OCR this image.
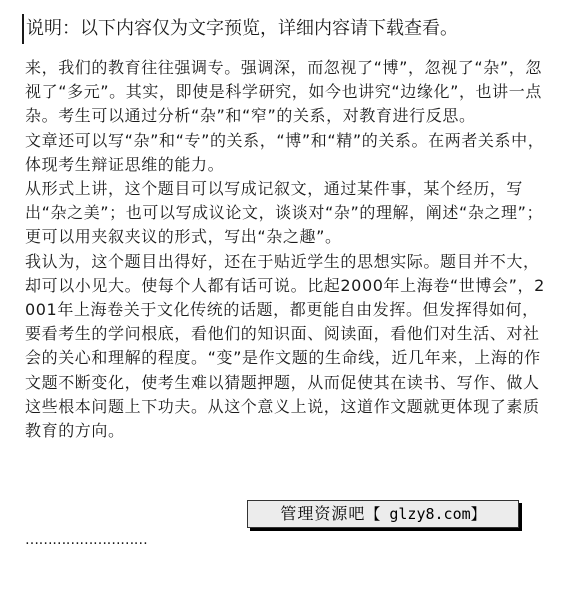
说明：以下内容仅为文字预览，详细内容请下载查看。

来，我们的教育往往强调专。强调深，而忽视了“博”，忽视了“杂”，忽视了“多元”。其实，即使是科学研究，如今也讲究“边缘化”，也讲一点杂。考生可以通过分析“杂”和“窄”的关系，对教育进行反思。

文章还可以写“杂”和“专”的关系，“博”和“精”的关系。在两者关系中，体现考生辩证思维的能力。

从形式上讲，这个题目可以写成记叙文，通过某件事，某个经历，写出“杂之美”；也可以写成议论文，谈谈对“杂”的理解，阐述“杂之理”；更可以用夹叙夹议的形式，写出“杂之趣”。

我认为，这个题目出得好，还在于贴近学生的思想实际。题目并不大，却可以小见大。使每个人都有话可说。比起2000年上海卷“世博会”，2001年上海卷关于文化传统的话题，都更能自由发挥。但发挥得如何，要看考生的学问根底，看他们的知识面、阅读面，看他们对生活、对社会的关心和理解的程度。“变”是作文题的生命线，近几年来，上海的作文题不断变化，使考生难以猜题押题，从而促使其在读书、写作、做人这些根本问题上下功夫。从这个意义上说，这道作文题就更体现了素质教育的方向。

管理资源吧【 glzy8.com】
………………………
